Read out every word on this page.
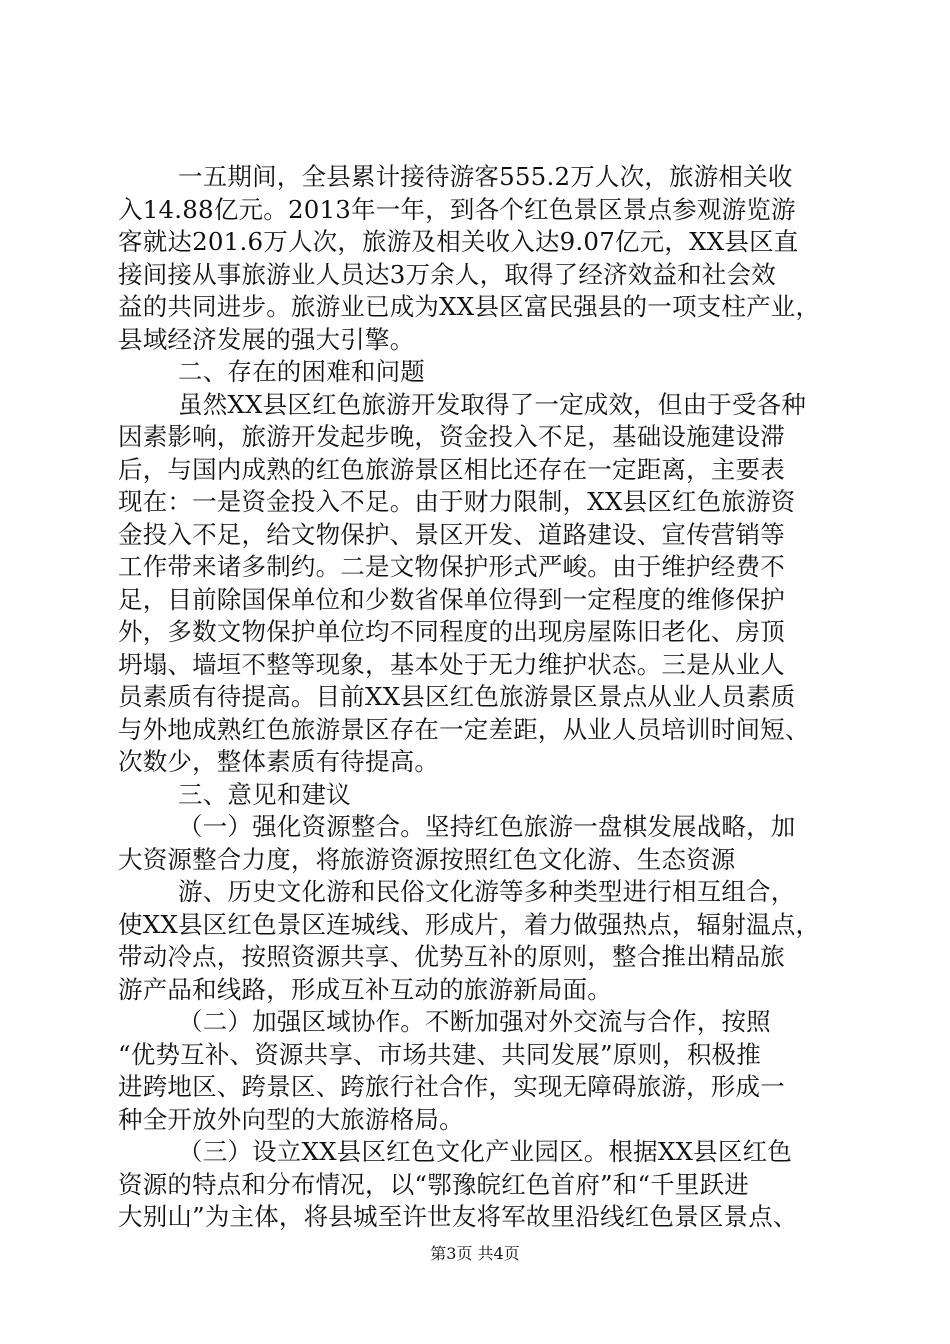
一五期间，全县累计接待游客555.2万人次，旅游相关收
入14.88亿元。2013年一年，到各个红色景区景点参观游览游
客就达201.6万人次，旅游及相关收入达9.07亿元，XX县区直
接间接从事旅游业人员达3万余人，取得了经济效益和社会效
益的共同进步。旅游业已成为XX县区富民强县的一项支柱产业，
县域经济发展的强大引擎。
二、存在的困难和问题
虽然XX县区红色旅游开发取得了一定成效，但由于受各种
因素影响，旅游开发起步晚，资金投入不足，基础设施建设滞
后，与国内成熟的红色旅游景区相比还存在一定距离，主要表
现在：一是资金投入不足。由于财力限制，XX县区红色旅游资
金投入不足，给文物保护、景区开发、道路建设、宣传营销等
工作带来诸多制约。二是文物保护形式严峻。由于维护经费不
足，目前除国保单位和少数省保单位得到一定程度的维修保护
外，多数文物保护单位均不同程度的出现房屋陈旧老化、房顶
坍塌、墙垣不整等现象，基本处于无力维护状态。三是从业人
员素质有待提高。目前XX县区红色旅游景区景点从业人员素质
与外地成熟红色旅游景区存在一定差距，从业人员培训时间短、
次数少，整体素质有待提高。
三、意见和建议
（一）强化资源整合。坚持红色旅游一盘棋发展战略，加
大资源整合力度，将旅游资源按照红色文化游、生态资源
游、历史文化游和民俗文化游等多种类型进行相互组合，
使XX县区红色景区连城线、形成片，着力做强热点，辐射温点，
带动冷点，按照资源共享、优势互补的原则，整合推出精品旅
游产品和线路，形成互补互动的旅游新局面。
（二）加强区域协作。不断加强对外交流与合作，按照
“优势互补、资源共享、市场共建、共同发展”原则，积极推
进跨地区、跨景区、跨旅行社合作，实现无障碍旅游，形成一
种全开放外向型的大旅游格局。
（三）设立XX县区红色文化产业园区。根据XX县区红色
资源的特点和分布情况，以“鄂豫皖红色首府”和“千里跃进
大别山”为主体，将县城至许世友将军故里沿线红色景区景点、
第3页 共4页
